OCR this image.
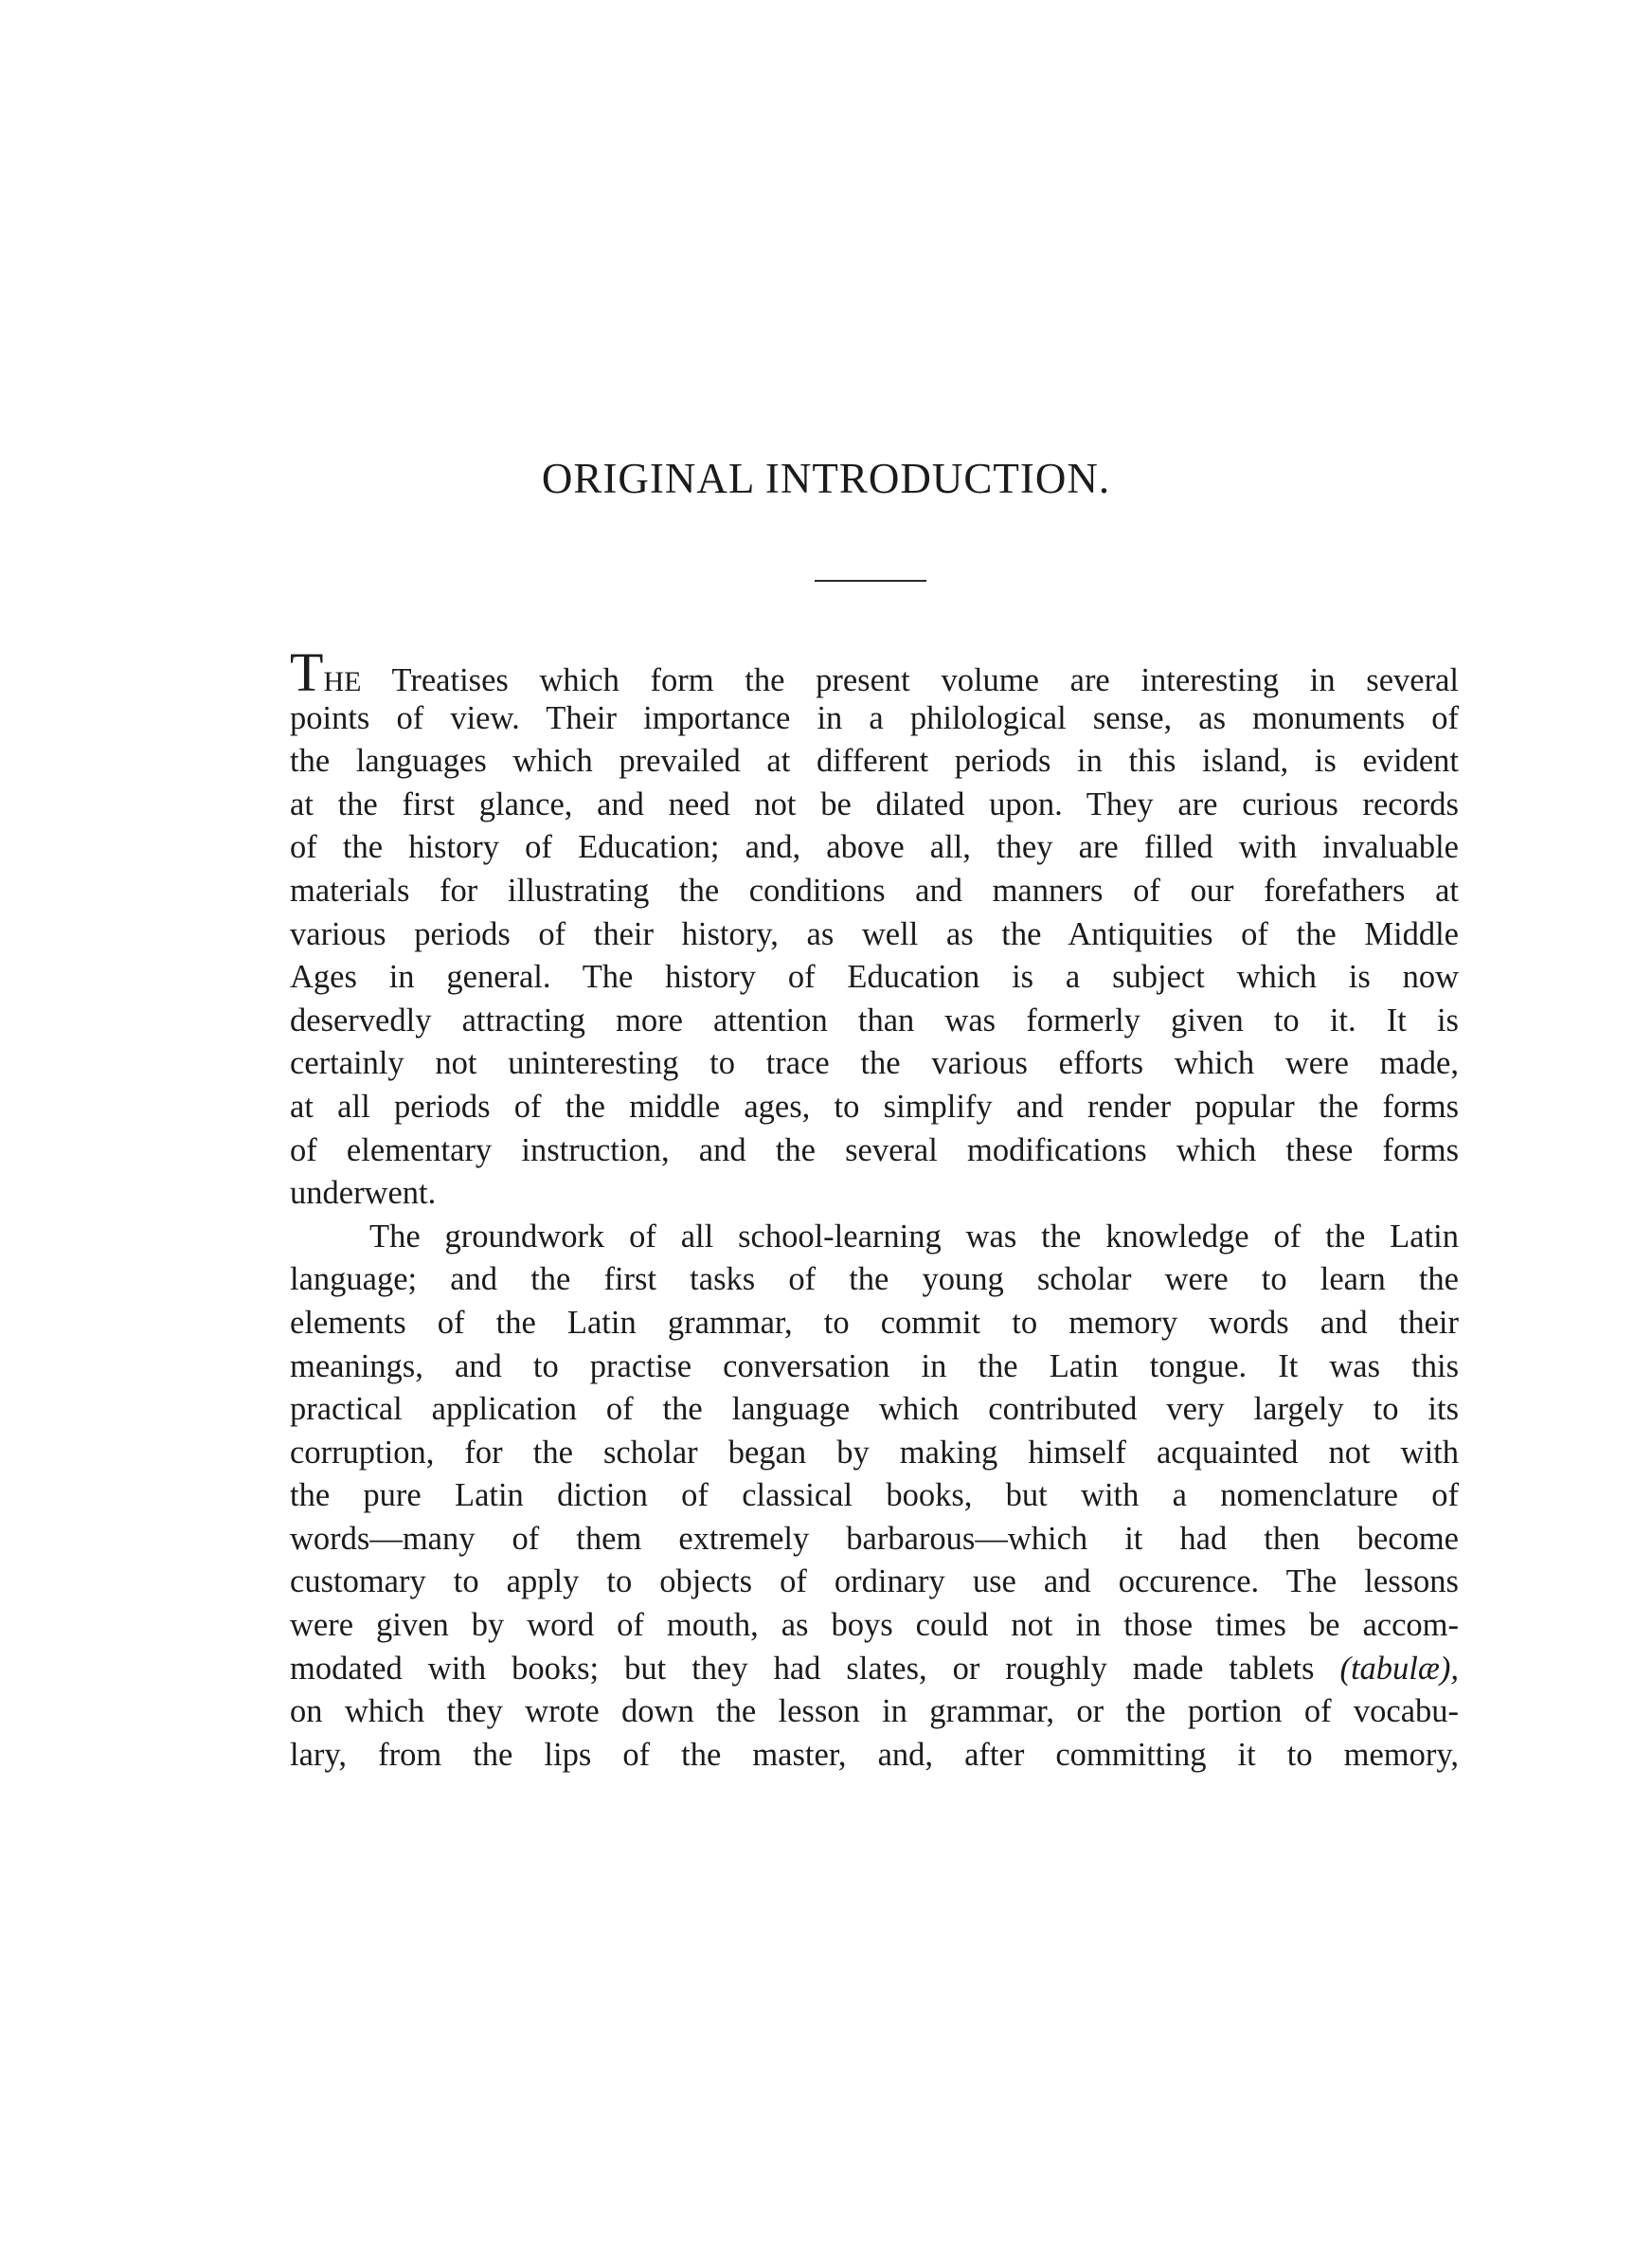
ORIGINAL INTRODUCTION.
THE Treatises which form the present volume are interesting in several
points of view. Their importance in a philological sense, as monuments of
the languages which prevailed at different periods in this island, is evident
at the first glance, and need not be dilated upon. They are curious records
of the history of Education; and, above all, they are filled with invaluable
materials for illustrating the conditions and manners of our forefathers at
various periods of their history, as well as the Antiquities of the Middle
Ages in general. The history of Education is a subject which is now
deservedly attracting more attention than was formerly given to it. It is
certainly not uninteresting to trace the various efforts which were made,
at all periods of the middle ages, to simplify and render popular the forms
of elementary instruction, and the several modifications which these forms
underwent.
The groundwork of all school-learning was the knowledge of the Latin
language; and the first tasks of the young scholar were to learn the
elements of the Latin grammar, to commit to memory words and their
meanings, and to practise conversation in the Latin tongue. It was this
practical application of the language which contributed very largely to its
corruption, for the scholar began by making himself acquainted not with
the pure Latin diction of classical books, but with a nomenclature of
words—many of them extremely barbarous—which it had then become
customary to apply to objects of ordinary use and occurence. The lessons
were given by word of mouth, as boys could not in those times be accom-
modated with books; but they had slates, or roughly made tablets (tabulæ),
on which they wrote down the lesson in grammar, or the portion of vocabu-
lary, from the lips of the master, and, after committing it to memory,
